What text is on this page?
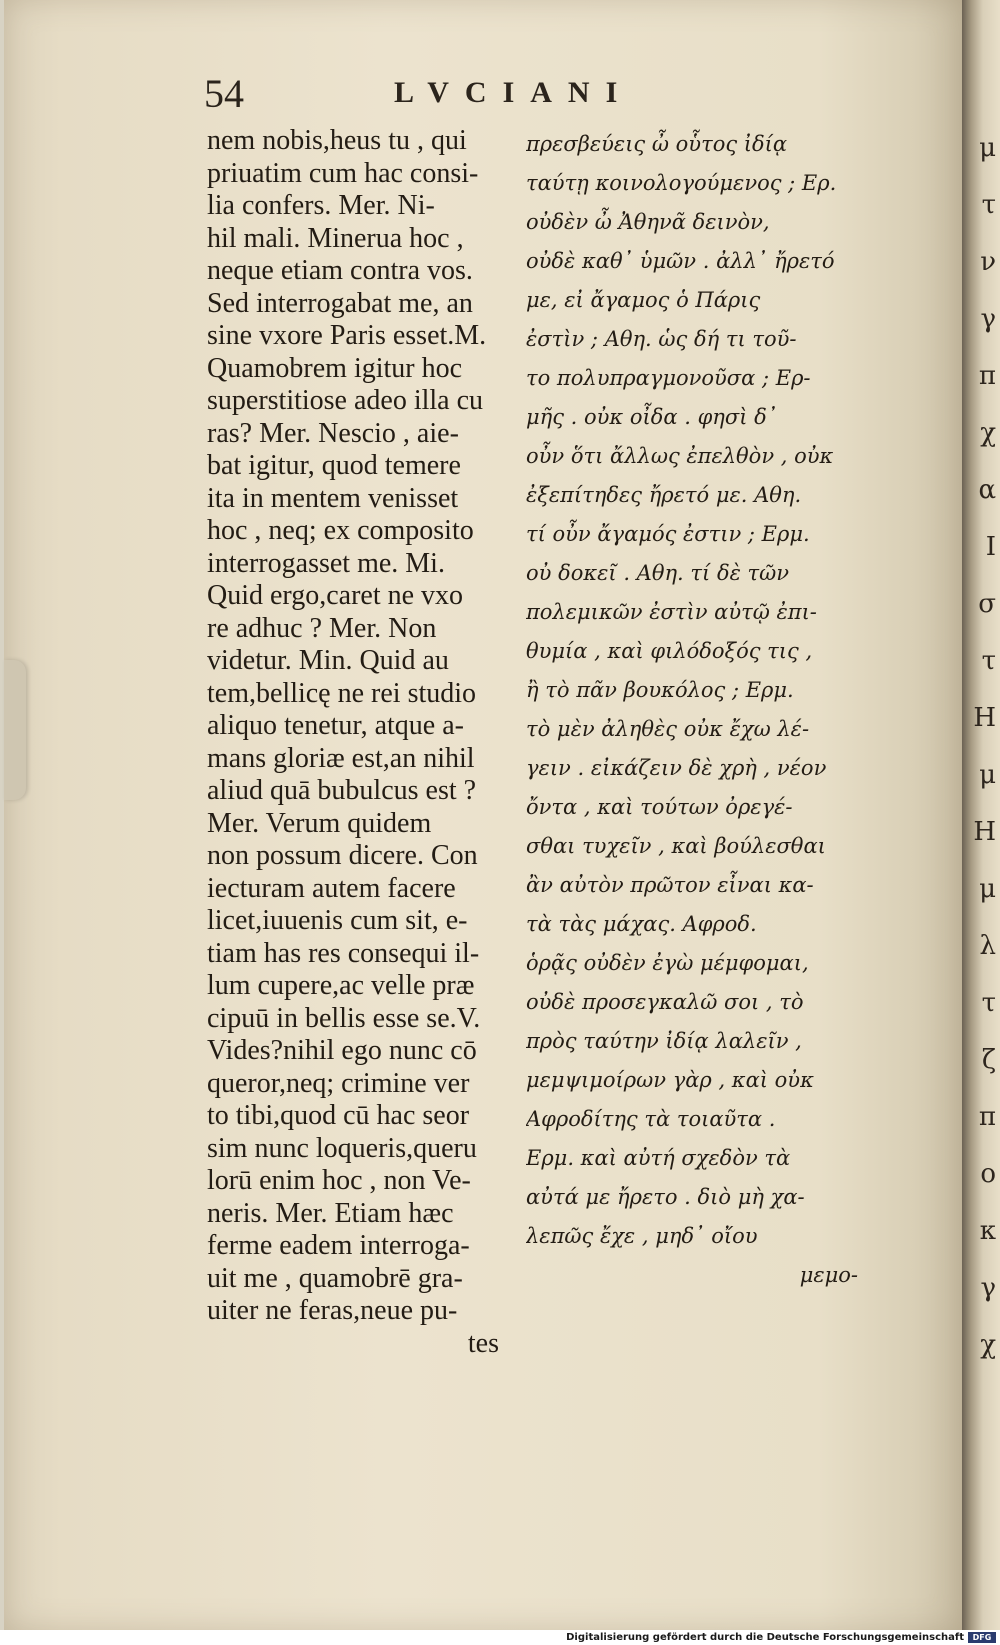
54	LVCIANI
nem nobis,heus tu , qui
priuatim cum hac consi-
lia confers. Mer. Ni-
hil mali. Minerua hoc ,
neque etiam contra vos.
Sed interrogabat me, an
sine vxore Paris esset.M.
Quamobrem igitur hoc
superstitiose adeo illa cu
ras? Mer. Nescio , aie-
bat igitur, quod temere
ita in mentem venisset
hoc , neq; ex composito
interrogasset me. Mi.
Quid ergo,caret ne vxo
re adhuc ? Mer. Non
videtur. Min. Quid au
tem,bellicę ne rei studio
aliquo tenetur, atque a-
mans gloriæ est,an nihil
aliud quā bubulcus est ?
Mer. Verum quidem
non possum dicere. Con
iecturam autem facere
licet,iuuenis cum sit, e-
tiam has res consequi il-
lum cupere,ac velle præ
cipuū in bellis esse se.V.
Vides?nihil ego nunc cō
queror,neq; crimine ver
to tibi,quod cū hac seor
sim nunc loqueris,queru
lorū enim hoc , non Ve-
neris. Mer. Etiam hæc
ferme eadem interroga-
uit me , quamobrē gra-
uiter ne feras,neue pu-
tes
πρεσβεύεις ὦ οὗτος ἰδίᾳ
ταύτῃ κοινολογούμενος ; Ερ.
οὐδὲν ὦ Ἀθηνᾶ δεινὸν,
οὐδὲ καθ᾽ ὑμῶν . ἀλλ᾽ ἤρετό
με, εἰ ἄγαμος ὁ Πάρις
ἐστὶν ; Αθη. ὡς δή τι τοῦ-
το πολυπραγμονοῦσα ; Ερ-
μῆς . οὐκ οἶδα . φησὶ δ᾽
οὖν ὅτι ἄλλως ἐπελθὸν , οὐκ
ἐξεπίτηδες ἤρετό με. Αθη.
τί οὖν ἄγαμός ἐστιν ; Ερμ.
οὐ δοκεῖ . Αθη. τί δὲ τῶν
πολεμικῶν ἐστὶν αὐτῷ ἐπι-
θυμία , καὶ φιλόδοξός τις ,
ἢ τὸ πᾶν βουκόλος ; Ερμ.
τὸ μὲν ἀληθὲς οὐκ ἔχω λέ-
γειν . εἰκάζειν δὲ χρὴ , νέον
ὄντα , καὶ τούτων ὀρεγέ-
σθαι τυχεῖν , καὶ βούλεσθαι
ἂν αὐτὸν πρῶτον εἶναι κα-
τὰ τὰς μάχας. Αφροδ.
ὁρᾷς οὐδὲν ἐγὼ μέμφομαι,
οὐδὲ προσεγκαλῶ σοι , τὸ
πρὸς ταύτην ἰδίᾳ λαλεῖν ,
μεμψιμοίρων γὰρ , καὶ οὐκ
Αφροδίτης τὰ τοιαῦτα .
Ερμ. καὶ αὐτή σχεδὸν τὰ
αὐτά με ἤρετο . διὸ μὴ χα-
λεπῶς ἔχε , μηδ᾽ οἴου
μεμο-
μ
τ
ν
γ
π
χ
α
Ι
σ
τ
Η
μ
Η
μ
λ
τ
ζ
π
ο
κ
γ
χ
Digitalisierung gefördert durch die Deutsche Forschungsgemeinschaft	DFG
